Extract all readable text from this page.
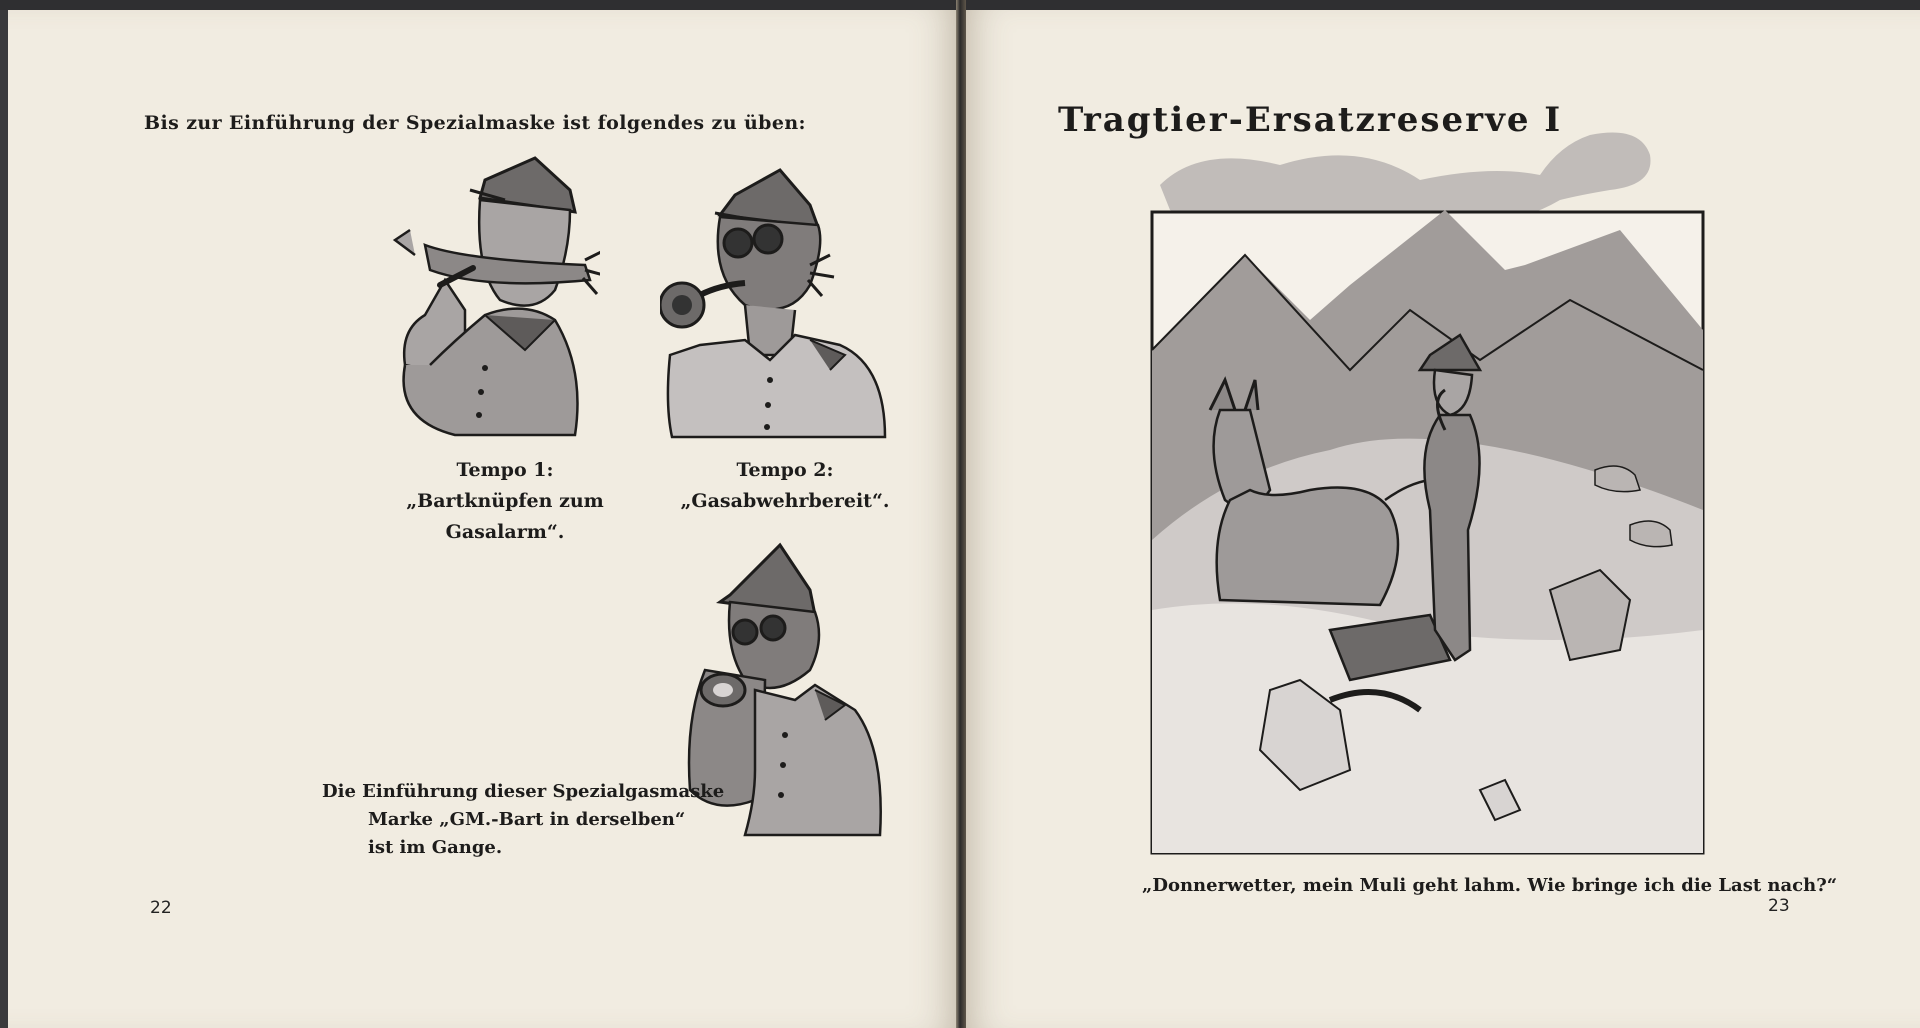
Bis zur Einführung der Spezialmaske ist folgendes zu üben:
Tempo 1:
„Bartknüpfen zum Gasalarm“.
Tempo 2:
„Gasabwehrbereit“.
Die Einführung dieser Spezialgasmaske
Marke „GM.-Bart in derselben“
ist im Gange.
22
Tragtier-Ersatzreserve I
„Donnerwetter, mein Muli geht lahm. Wie bringe ich die Last nach?“
23
